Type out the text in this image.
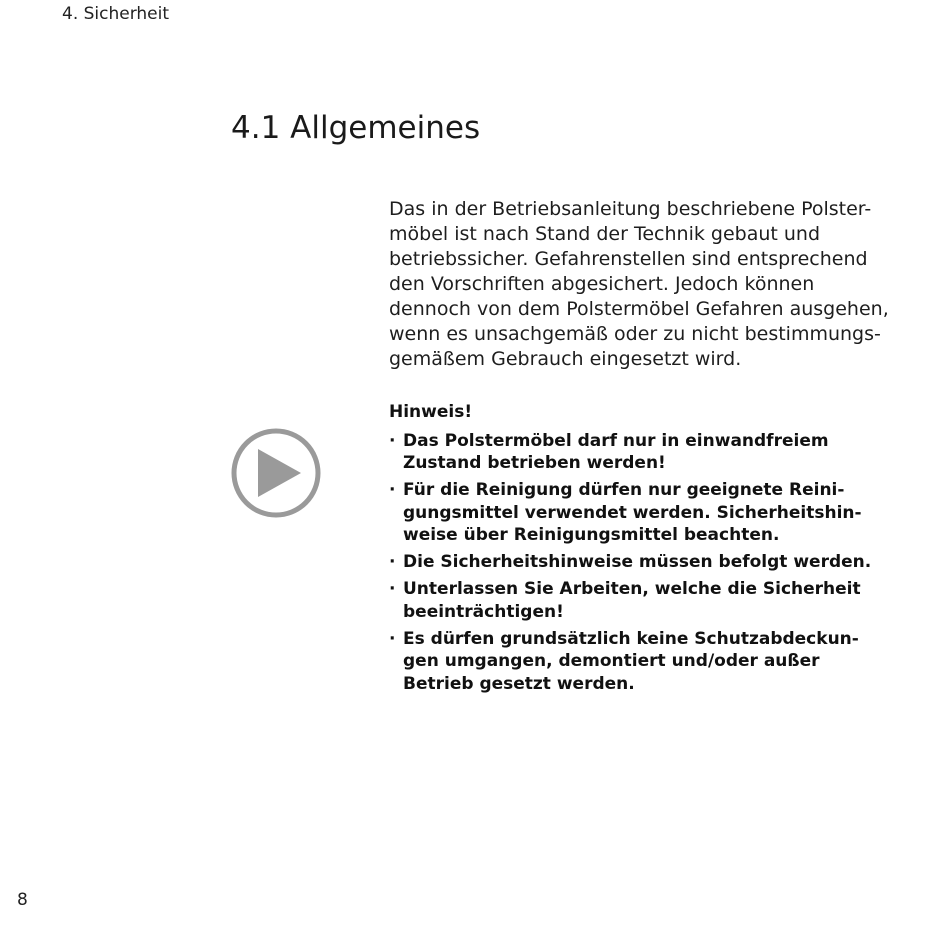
4. Sicherheit
4.1 Allgemeines

Das in der Betriebsanleitung beschriebene Polster-
möbel ist nach Stand der Technik gebaut und
betriebssicher. Gefahrenstellen sind entsprechend
den Vorschriften abgesichert. Jedoch können
dennoch von dem Polstermöbel Gefahren ausgehen,
wenn es unsachgemäß oder zu nicht bestimmungs-
gemäßem Gebrauch eingesetzt wird.

Hinweis!
· Das Polstermöbel darf nur in einwandfreiem
Zustand betrieben werden!
· Für die Reinigung dürfen nur geeignete Reini-
gungsmittel verwendet werden. Sicherheitshin-
weise über Reinigungsmittel beachten.
· Die Sicherheitshinweise müssen befolgt werden.
· Unterlassen Sie Arbeiten, welche die Sicherheit
beeinträchtigen!
· Es dürfen grundsätzlich keine Schutzabdeckun-
gen umgangen, demontiert und/oder außer
Betrieb gesetzt werden.
8
